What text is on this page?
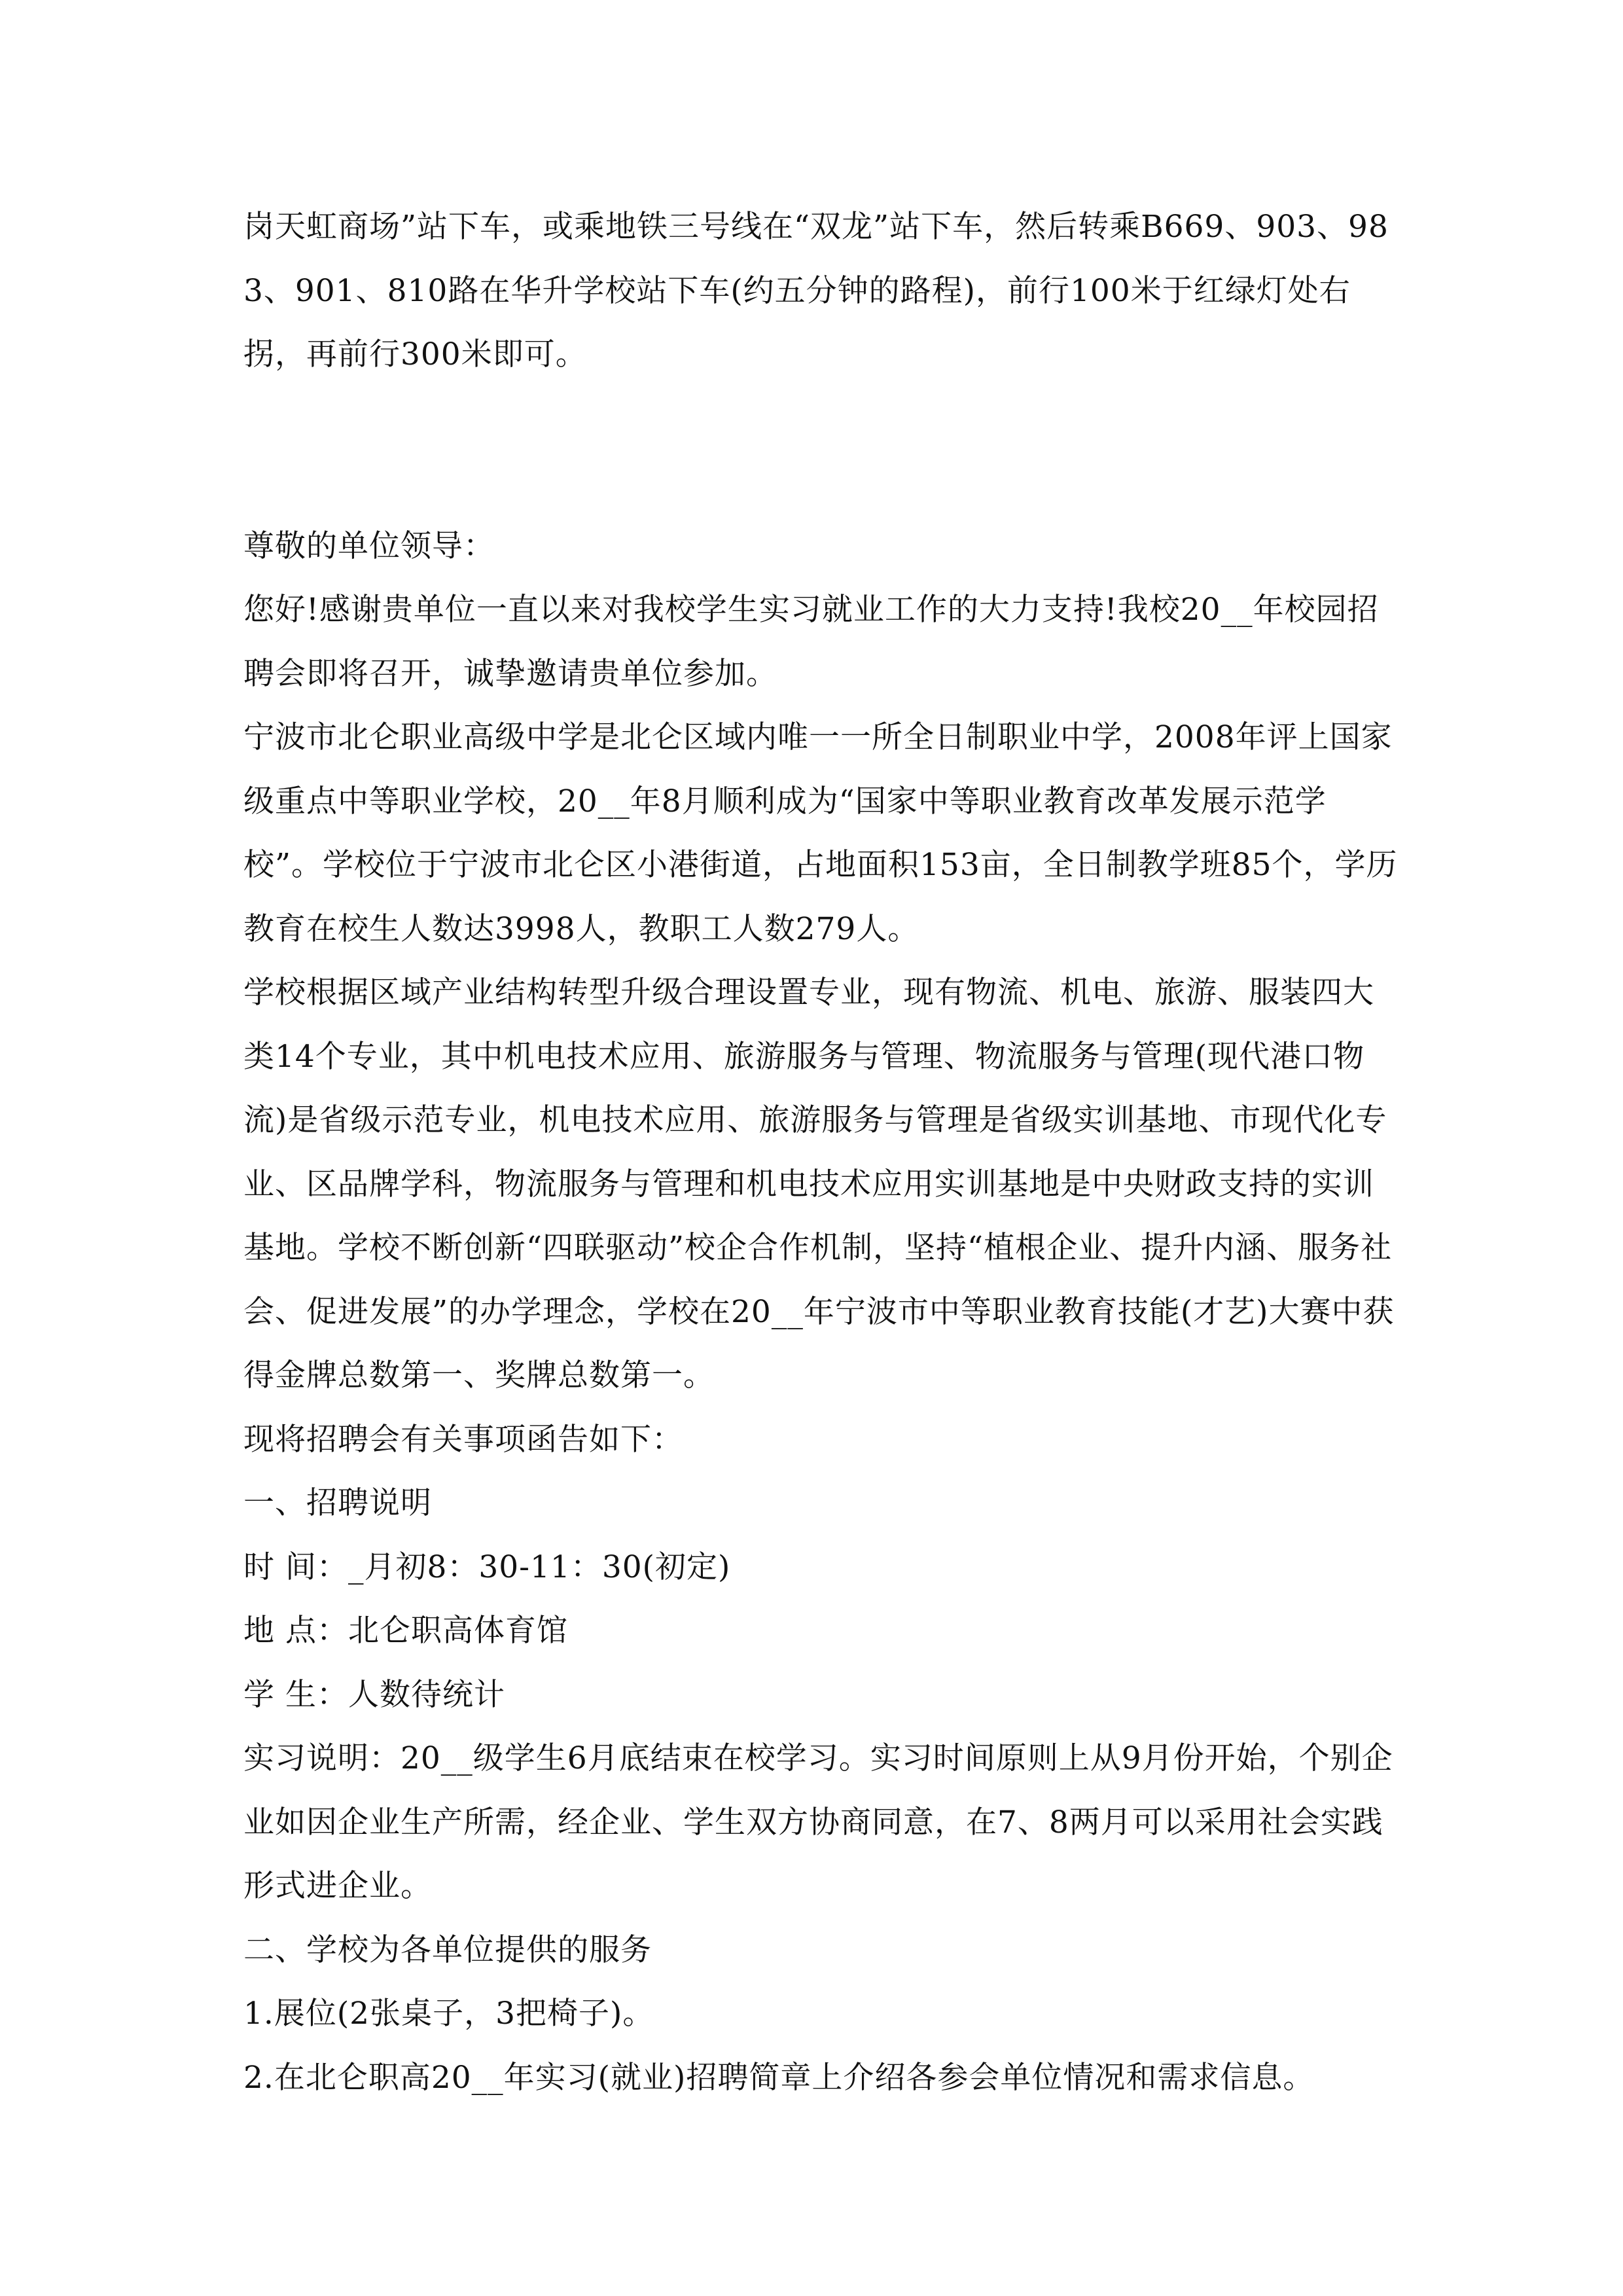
岗天虹商场”站下车，或乘地铁三号线在“双龙”站下车，然后转乘B669、903、983、901、810路在华升学校站下车(约五分钟的路程)，前行100米于红绿灯处右拐，再前行300米即可。

尊敬的单位领导：

您好!感谢贵单位一直以来对我校学生实习就业工作的大力支持!我校20__年校园招聘会即将召开，诚挚邀请贵单位参加。

宁波市北仑职业高级中学是北仑区域内唯一一所全日制职业中学，2008年评上国家级重点中等职业学校，20__年8月顺利成为“国家中等职业教育改革发展示范学校”。学校位于宁波市北仑区小港街道，占地面积153亩，全日制教学班85个，学历教育在校生人数达3998人，教职工人数279人。

学校根据区域产业结构转型升级合理设置专业，现有物流、机电、旅游、服装四大类14个专业，其中机电技术应用、旅游服务与管理、物流服务与管理(现代港口物流)是省级示范专业，机电技术应用、旅游服务与管理是省级实训基地、市现代化专业、区品牌学科，物流服务与管理和机电技术应用实训基地是中央财政支持的实训基地。学校不断创新“四联驱动”校企合作机制，坚持“植根企业、提升内涵、服务社会、促进发展”的办学理念，学校在20__年宁波市中等职业教育技能(才艺)大赛中获得金牌总数第一、奖牌总数第一。

现将招聘会有关事项函告如下：

一、招聘说明

时 间：_月初8：30-11：30(初定)

地 点：北仑职高体育馆

学 生：人数待统计

实习说明：20__级学生6月底结束在校学习。实习时间原则上从9月份开始，个别企业如因企业生产所需，经企业、学生双方协商同意，在7、8两月可以采用社会实践形式进企业。

二、学校为各单位提供的服务

1.展位(2张桌子，3把椅子)。

2.在北仑职高20__年实习(就业)招聘简章上介绍各参会单位情况和需求信息。
